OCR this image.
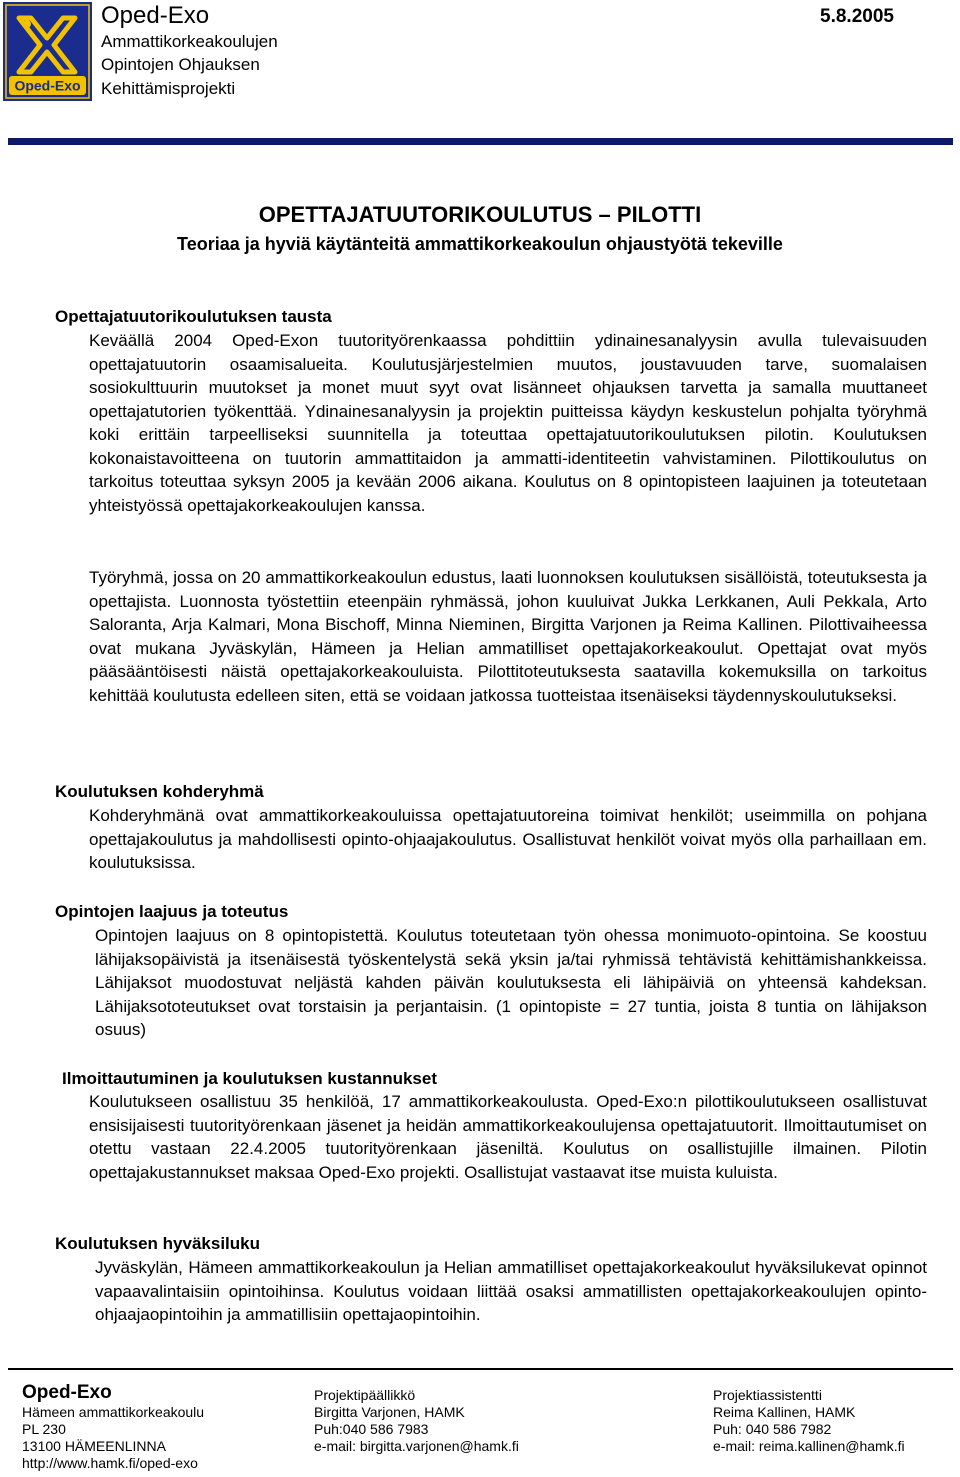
Oped-Exo
Oped-Exo
Ammattikorkeakoulujen
Opintojen Ohjauksen
Kehittämisprojekti
5.8.2005
OPETTAJATUUTORIKOULUTUS – PILOTTI
Teoriaa ja hyviä käytänteitä ammattikorkeakoulun ohjaustyötä tekeville
Opettajatuutorikoulutuksen tausta
Keväällä 2004 Oped-Exon tuutorityörenkaassa pohdittiin ydinainesanalyysin avulla tulevaisuuden opettajatuutorin osaamisalueita. Koulutusjärjestelmien muutos, joustavuuden tarve, suomalaisen sosiokulttuurin muutokset ja monet muut syyt ovat lisänneet ohjauksen tarvetta ja samalla muuttaneet opettajatutorien työkenttää. Ydinainesanalyysin ja projektin puitteissa käydyn keskustelun pohjalta työryhmä koki erittäin tarpeelliseksi suunnitella ja toteuttaa opettajatuutorikoulutuksen pilotin. Koulutuksen kokonaistavoitteena on tuutorin ammattitaidon ja ammatti-identiteetin vahvistaminen. Pilottikoulutus on tarkoitus toteuttaa syksyn 2005 ja kevään 2006 aikana. Koulutus on 8 opintopisteen laajuinen ja toteutetaan yhteistyössä opettajakorkeakoulujen kanssa.
Työryhmä, jossa on 20 ammattikorkeakoulun edustus, laati luonnoksen koulutuksen sisällöistä, toteutuksesta ja opettajista. Luonnosta työstettiin eteenpäin ryhmässä, johon kuuluivat Jukka Lerkkanen, Auli Pekkala, Arto Saloranta, Arja Kalmari, Mona Bischoff, Minna Nieminen, Birgitta Varjonen ja Reima Kallinen. Pilottivaiheessa ovat mukana Jyväskylän, Hämeen ja Helian ammatilliset opettajakorkeakoulut. Opettajat ovat myös pääsääntöisesti näistä opettajakorkeakouluista. Pilottitoteutuksesta saatavilla kokemuksilla on tarkoitus kehittää koulutusta edelleen siten, että se voidaan jatkossa tuotteistaa itsenäiseksi täydennyskoulutukseksi.
Koulutuksen kohderyhmä
Kohderyhmänä ovat ammattikorkeakouluissa opettajatuutoreina toimivat henkilöt; useimmilla on pohjana opettajakoulutus ja mahdollisesti opinto-ohjaajakoulutus. Osallistuvat henkilöt voivat myös olla parhaillaan em. koulutuksissa.
Opintojen laajuus ja toteutus
Opintojen laajuus on 8 opintopistettä. Koulutus toteutetaan työn ohessa monimuoto-opintoina. Se koostuu lähijaksopäivistä ja itsenäisestä työskentelystä sekä yksin ja/tai ryhmissä tehtävistä kehittämishankkeissa. Lähijaksot muodostuvat neljästä kahden päivän koulutuksesta eli lähipäiviä on yhteensä kahdeksan. Lähijaksototeutukset ovat torstaisin ja perjantaisin. (1 opintopiste = 27 tuntia, joista 8 tuntia on lähijakson osuus)
Ilmoittautuminen ja koulutuksen kustannukset
Koulutukseen osallistuu 35 henkilöä, 17 ammattikorkeakoulusta. Oped-Exo:n pilottikoulutukseen osallistuvat ensisijaisesti tuutorityörenkaan jäsenet ja heidän ammattikorkeakoulujensa opettajatuutorit. Ilmoittautumiset on otettu vastaan 22.4.2005 tuutorityörenkaan jäseniltä. Koulutus on osallistujille ilmainen. Pilotin opettajakustannukset maksaa Oped-Exo projekti. Osallistujat vastaavat itse muista kuluista.
Koulutuksen hyväksiluku
Jyväskylän, Hämeen ammattikorkeakoulun ja Helian ammatilliset opettajakorkeakoulut hyväksilukevat opinnot vapaavalintaisiin opintoihinsa. Koulutus voidaan liittää osaksi ammatillisten opettajakorkeakoulujen opinto-ohjaajaopintoihin ja ammatillisiin opettajaopintoihin.
Oped-Exo
Hämeen ammattikorkeakoulu
PL 230
13100 HÄMEENLINNA
http://www.hamk.fi/oped-exo
Projektipäällikkö
Birgitta Varjonen, HAMK
Puh:040 586 7983
e-mail: birgitta.varjonen@hamk.fi
Projektiassistentti
Reima Kallinen, HAMK
Puh: 040 586 7982
e-mail: reima.kallinen@hamk.fi
